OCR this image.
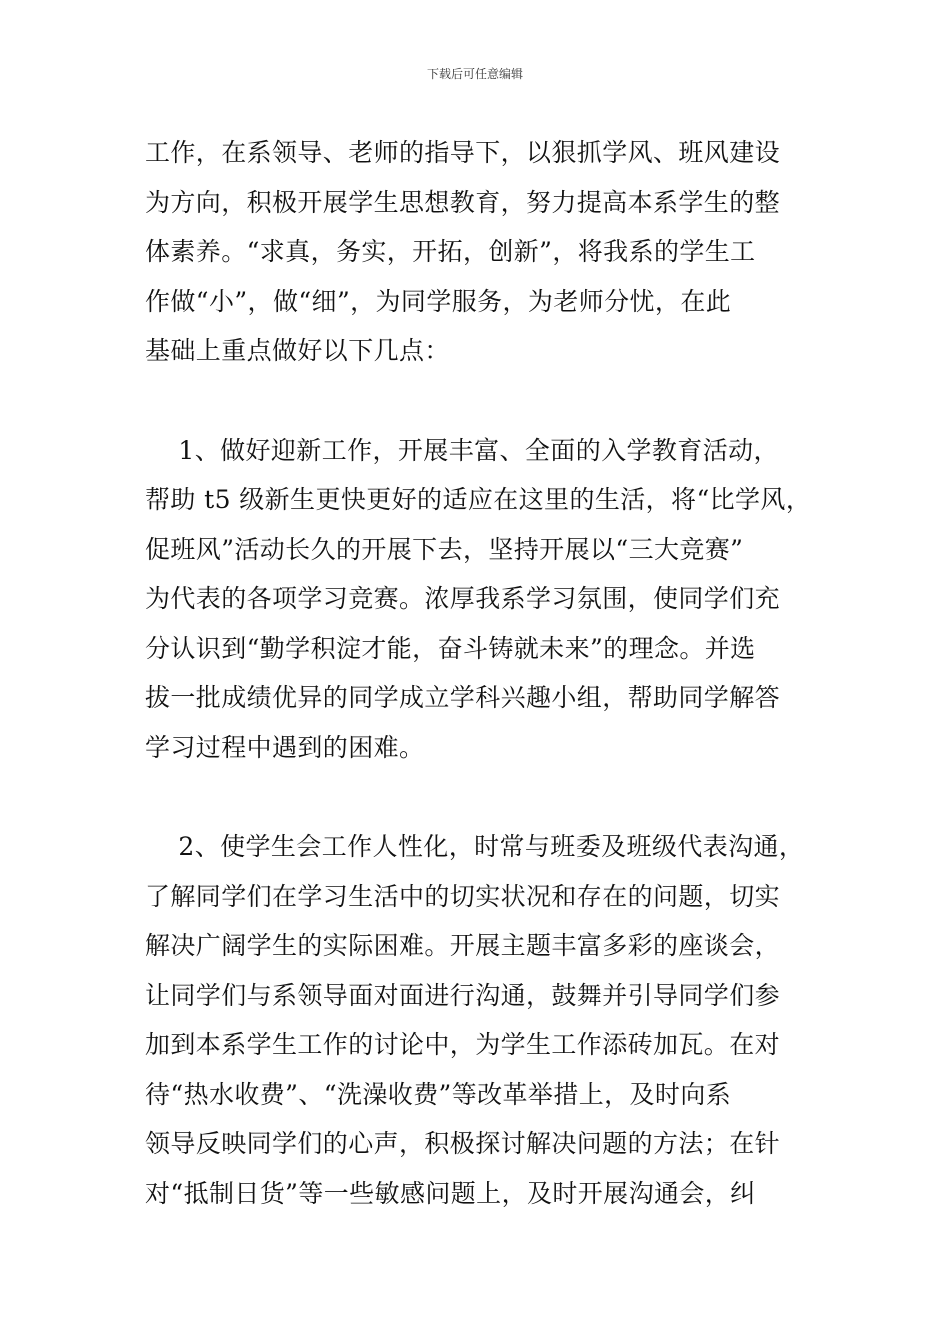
下载后可任意编辑
工作，在系领导、老师的指导下，以狠抓学风、班风建设
为方向，积极开展学生思想教育，努力提高本系学生的整
体素养。“求真，务实，开拓，创新”，将我系的学生工
作做“小”，做“细”，为同学服务，为老师分忧，在此
基础上重点做好以下几点：
1、做好迎新工作，开展丰富、全面的入学教育活动，
帮助 t5 级新生更快更好的适应在这里的生活，将“比学风，
促班风”活动长久的开展下去，坚持开展以“三大竞赛”
为代表的各项学习竞赛。浓厚我系学习氛围，使同学们充
分认识到“勤学积淀才能，奋斗铸就未来”的理念。并选
拔一批成绩优异的同学成立学科兴趣小组，帮助同学解答
学习过程中遇到的困难。
2、使学生会工作人性化，时常与班委及班级代表沟通，
了解同学们在学习生活中的切实状况和存在的问题，切实
解决广阔学生的实际困难。开展主题丰富多彩的座谈会，
让同学们与系领导面对面进行沟通，鼓舞并引导同学们参
加到本系学生工作的讨论中，为学生工作添砖加瓦。在对
待“热水收费”、“洗澡收费”等改革举措上，及时向系
领导反映同学们的心声，积极探讨解决问题的方法；在针
对“抵制日货”等一些敏感问题上，及时开展沟通会，纠
